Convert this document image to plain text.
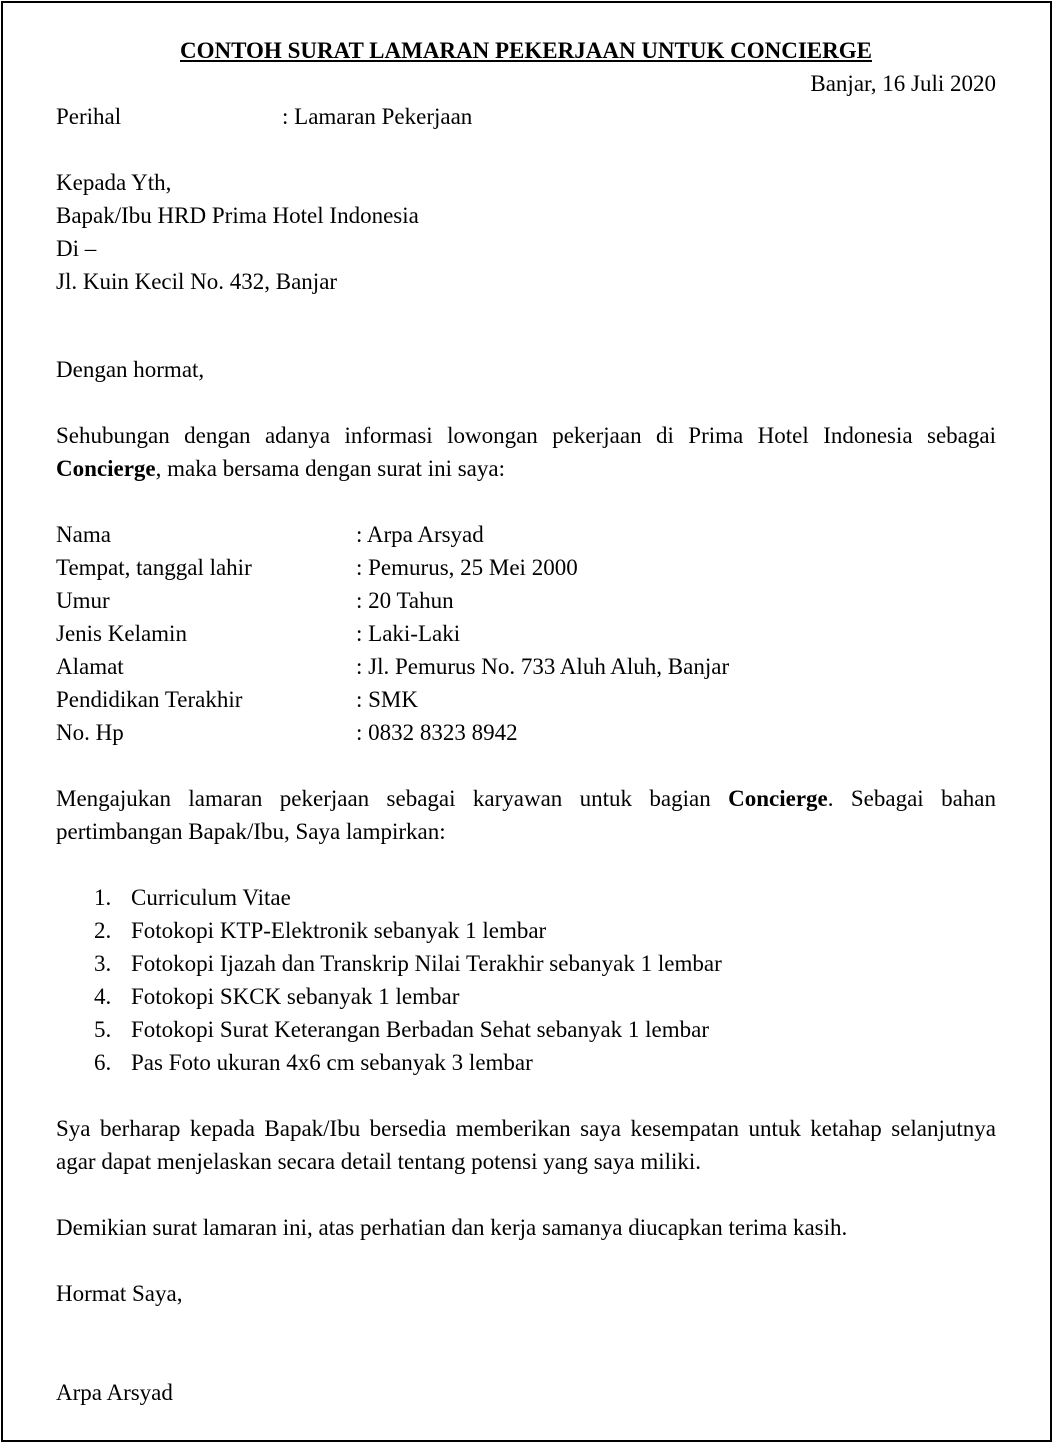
CONTOH SURAT LAMARAN PEKERJAAN UNTUK CONCIERGE

Banjar, 16 Juli 2020

Perihal	: Lamaran Pekerjaan

Kepada Yth,

Bapak/Ibu HRD Prima Hotel Indonesia

Di –

Jl. Kuin Kecil No. 432, Banjar

Dengan hormat,

Sehubungan dengan adanya informasi lowongan pekerjaan di Prima Hotel Indonesia sebagai Concierge, maka bersama dengan surat ini saya:

Nama	: Arpa Arsyad
Tempat, tanggal lahir	: Pemurus, 25 Mei 2000
Umur	: 20 Tahun
Jenis Kelamin	: Laki-Laki
Alamat	: Jl. Pemurus No. 733 Aluh Aluh, Banjar
Pendidikan Terakhir	: SMK
No. Hp	: 0832 8323 8942

Mengajukan lamaran pekerjaan sebagai karyawan untuk bagian Concierge. Sebagai bahan pertimbangan Bapak/Ibu, Saya lampirkan:

1. Curriculum Vitae
2. Fotokopi KTP-Elektronik sebanyak 1 lembar
3. Fotokopi Ijazah dan Transkrip Nilai Terakhir sebanyak 1 lembar
4. Fotokopi SKCK sebanyak 1 lembar
5. Fotokopi Surat Keterangan Berbadan Sehat sebanyak 1 lembar
6. Pas Foto ukuran 4x6 cm sebanyak 3 lembar

Sya berharap kepada Bapak/Ibu bersedia memberikan saya kesempatan untuk ketahap selanjutnya agar dapat menjelaskan secara detail tentang potensi yang saya miliki.

Demikian surat lamaran ini, atas perhatian dan kerja samanya diucapkan terima kasih.

Hormat Saya,

Arpa Arsyad
